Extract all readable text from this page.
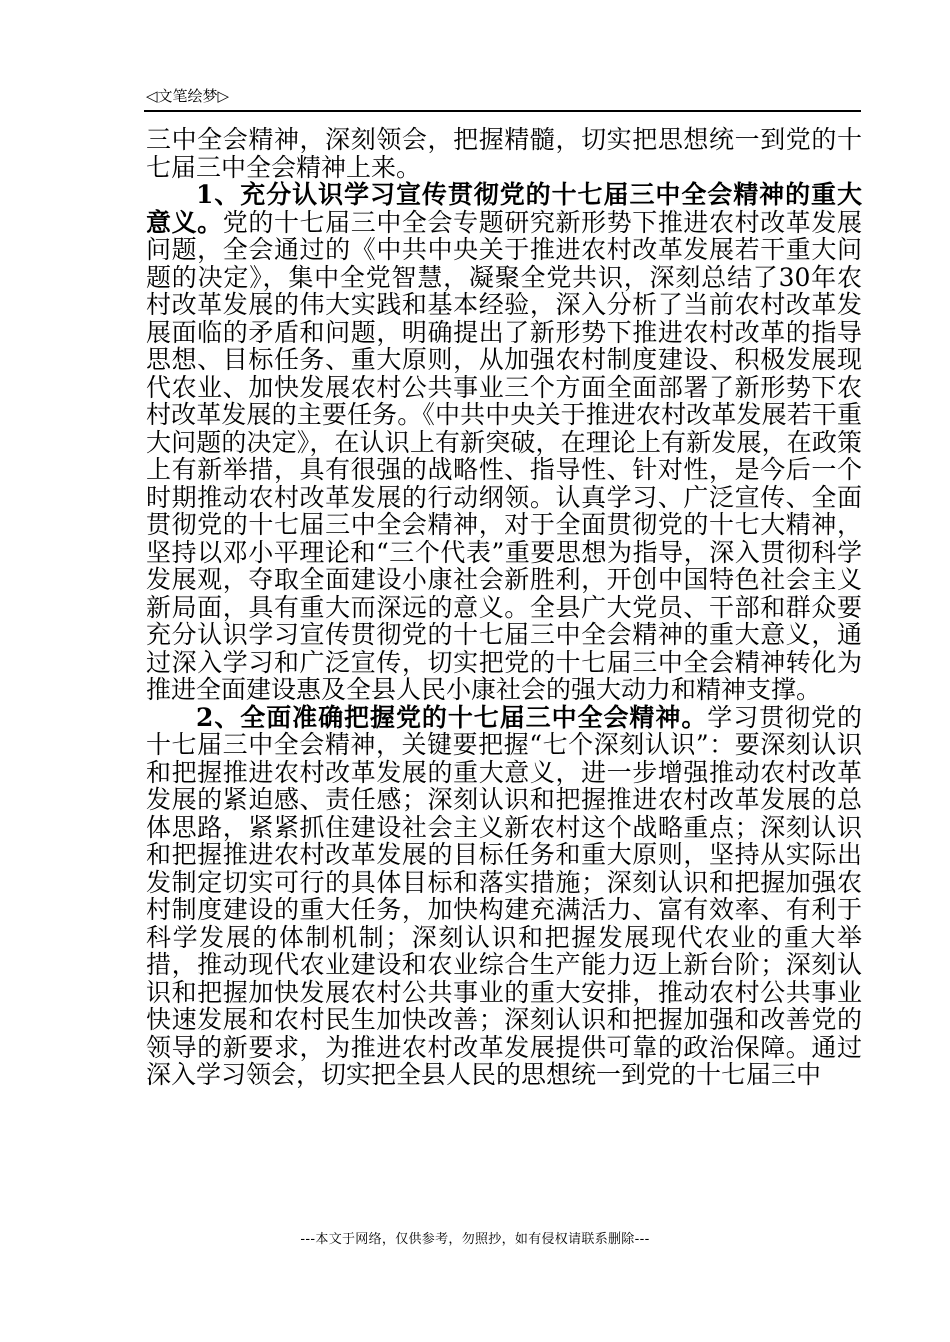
◁文笔绘梦▷

三中全会精神，深刻领会，把握精髓，切实把思想统一到党的十七届三中全会精神上来。

1、充分认识学习宣传贯彻党的十七届三中全会精神的重大意义。党的十七届三中全会专题研究新形势下推进农村改革发展问题，全会通过的《中共中央关于推进农村改革发展若干重大问题的决定》，集中全党智慧，凝聚全党共识，深刻总结了30年农村改革发展的伟大实践和基本经验，深入分析了当前农村改革发展面临的矛盾和问题，明确提出了新形势下推进农村改革的指导思想、目标任务、重大原则，从加强农村制度建设、积极发展现代农业、加快发展农村公共事业三个方面全面部署了新形势下农村改革发展的主要任务。《中共中央关于推进农村改革发展若干重大问题的决定》，在认识上有新突破，在理论上有新发展，在政策上有新举措，具有很强的战略性、指导性、针对性，是今后一个时期推动农村改革发展的行动纲领。认真学习、广泛宣传、全面贯彻党的十七届三中全会精神，对于全面贯彻党的十七大精神，坚持以邓小平理论和“三个代表”重要思想为指导，深入贯彻科学发展观，夺取全面建设小康社会新胜利，开创中国特色社会主义新局面，具有重大而深远的意义。全县广大党员、干部和群众要充分认识学习宣传贯彻党的十七届三中全会精神的重大意义，通过深入学习和广泛宣传，切实把党的十七届三中全会精神转化为推进全面建设惠及全县人民小康社会的强大动力和精神支撑。

2、全面准确把握党的十七届三中全会精神。学习贯彻党的十七届三中全会精神，关键要把握“七个深刻认识”：要深刻认识和把握推进农村改革发展的重大意义，进一步增强推动农村改革发展的紧迫感、责任感；深刻认识和把握推进农村改革发展的总体思路，紧紧抓住建设社会主义新农村这个战略重点；深刻认识和把握推进农村改革发展的目标任务和重大原则，坚持从实际出发制定切实可行的具体目标和落实措施；深刻认识和把握加强农村制度建设的重大任务，加快构建充满活力、富有效率、有利于科学发展的体制机制；深刻认识和把握发展现代农业的重大举措，推动现代农业建设和农业综合生产能力迈上新台阶；深刻认识和把握加快发展农村公共事业的重大安排，推动农村公共事业快速发展和农村民生加快改善；深刻认识和把握加强和改善党的领导的新要求，为推进农村改革发展提供可靠的政治保障。通过深入学习领会，切实把全县人民的思想统一到党的十七届三中

---本文于网络，仅供参考，勿照抄，如有侵权请联系删除---
